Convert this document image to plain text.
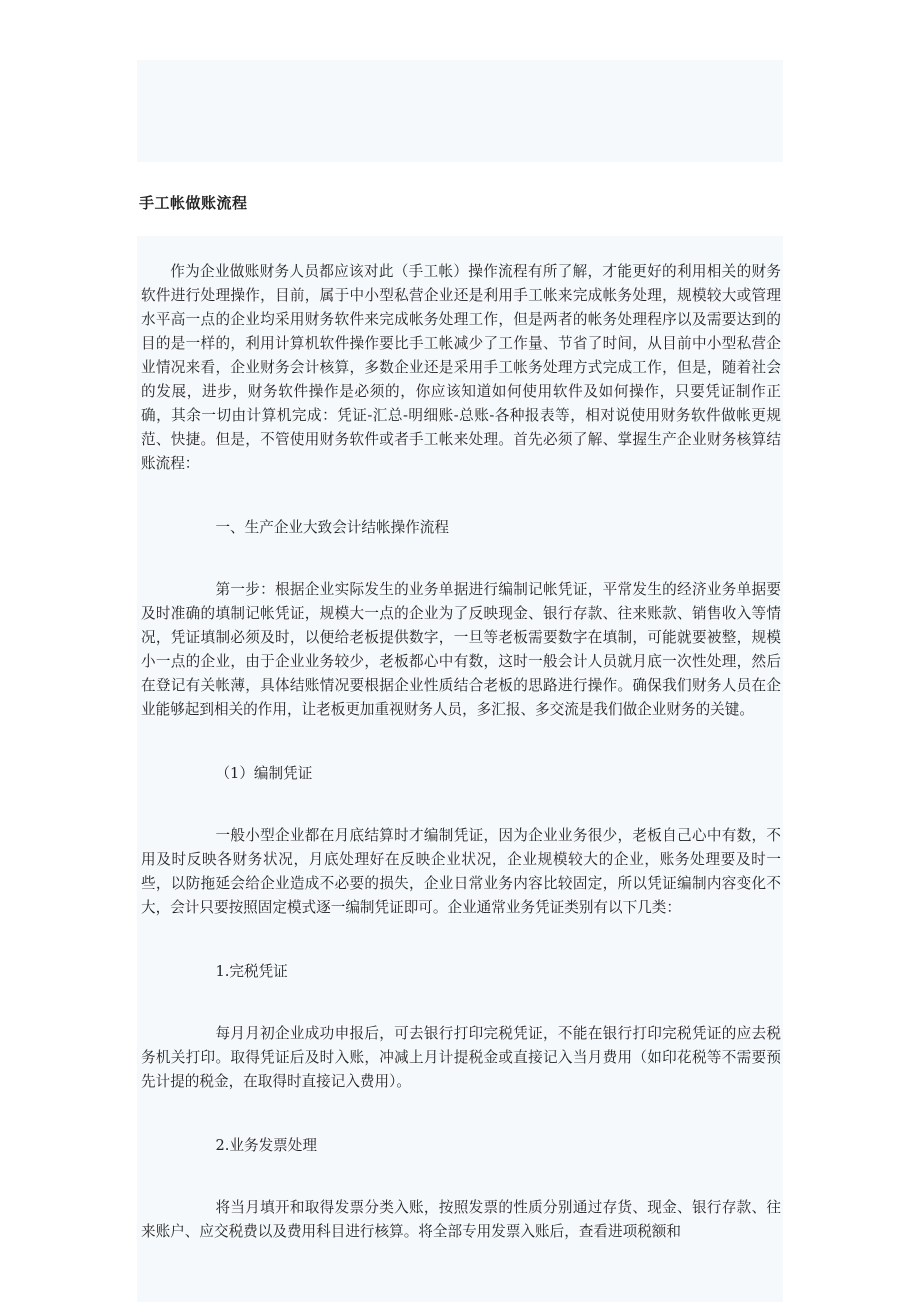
手工帐做账流程

作为企业做账财务人员都应该对此（手工帐）操作流程有所了解，才能更好的利用相关的财务软件进行处理操作，目前，属于中小型私营企业还是利用手工帐来完成帐务处理，规模较大或管理水平高一点的企业均采用财务软件来完成帐务处理工作，但是两者的帐务处理程序以及需要达到的目的是一样的，利用计算机软件操作要比手工帐减少了工作量、节省了时间，从目前中小型私营企业情况来看，企业财务会计核算，多数企业还是采用手工帐务处理方式完成工作，但是，随着社会的发展，进步，财务软件操作是必须的，你应该知道如何使用软件及如何操作，只要凭证制作正确，其余一切由计算机完成：凭证-汇总-明细账-总账-各种报表等，相对说使用财务软件做帐更规范、快捷。但是，不管使用财务软件或者手工帐来处理。首先必须了解、掌握生产企业财务核算结账流程：

一、生产企业大致会计结帐操作流程

第一步：根据企业实际发生的业务单据进行编制记帐凭证，平常发生的经济业务单据要及时准确的填制记帐凭证，规模大一点的企业为了反映现金、银行存款、往来账款、销售收入等情况，凭证填制必须及时，以便给老板提供数字，一旦等老板需要数字在填制，可能就要被整，规模小一点的企业，由于企业业务较少，老板都心中有数，这时一般会计人员就月底一次性处理，然后在登记有关帐薄，具体结账情况要根据企业性质结合老板的思路进行操作。确保我们财务人员在企业能够起到相关的作用，让老板更加重视财务人员，多汇报、多交流是我们做企业财务的关键。

（1）编制凭证

一般小型企业都在月底结算时才编制凭证，因为企业业务很少，老板自己心中有数，不用及时反映各财务状况，月底处理好在反映企业状况，企业规模较大的企业，账务处理要及时一些，以防拖延会给企业造成不必要的损失，企业日常业务内容比较固定，所以凭证编制内容变化不大，会计只要按照固定模式逐一编制凭证即可。企业通常业务凭证类别有以下几类：

1.完税凭证

每月月初企业成功申报后，可去银行打印完税凭证，不能在银行打印完税凭证的应去税务机关打印。取得凭证后及时入账，冲减上月计提税金或直接记入当月费用（如印花税等不需要预先计提的税金，在取得时直接记入费用）。

2.业务发票处理

将当月填开和取得发票分类入账，按照发票的性质分别通过存货、现金、银行存款、往来账户、应交税费以及费用科目进行核算。将全部专用发票入账后，查看进项税额和
